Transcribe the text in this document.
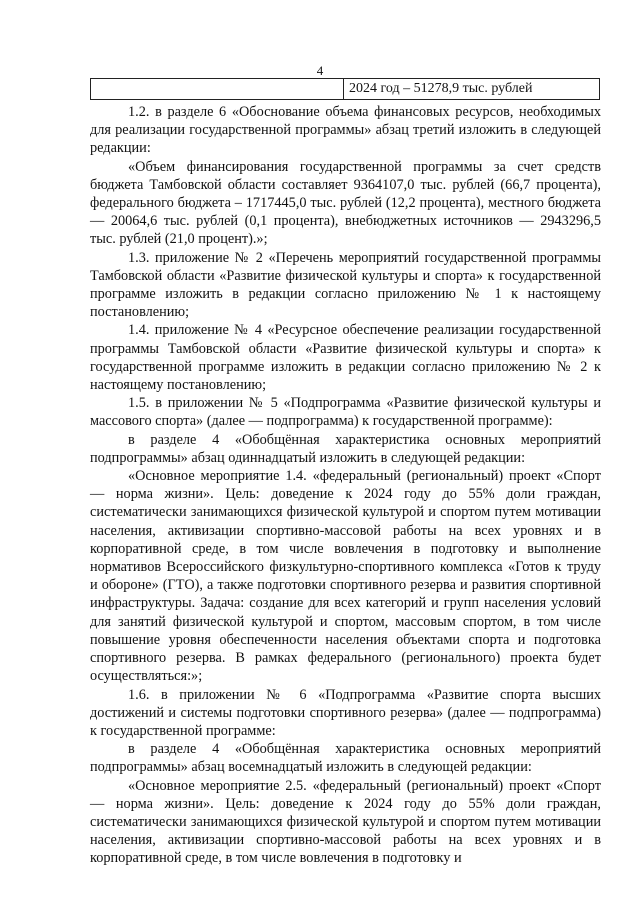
4
2024 год – 51278,9 тыс. рублей

1.2. в разделе 6 «Обоснование объема финансовых ресурсов, необходимых для реализации государственной программы» абзац третий изложить в следующей редакции:

«Объем финансирования государственной программы за счет средств бюджета Тамбовской области составляет 9364107,0 тыс. рублей (66,7 процента), федерального бюджета – 1717445,0 тыс. рублей (12,2 процента), местного бюджета — 20064,6 тыс. рублей (0,1 процента), внебюджетных источников — 2943296,5 тыс. рублей (21,0 процент).»;

1.3. приложение № 2 «Перечень мероприятий государственной программы Тамбовской области «Развитие физической культуры и спорта» к государственной программе изложить в редакции согласно приложению № 1 к настоящему постановлению;

1.4. приложение № 4 «Ресурсное обеспечение реализации государственной программы Тамбовской области «Развитие физической культуры и спорта» к государственной программе изложить в редакции согласно приложению № 2 к настоящему постановлению;

1.5. в приложении № 5 «Подпрограмма «Развитие физической культуры и массового спорта» (далее — подпрограмма) к государственной программе):

в разделе 4 «Обобщённая характеристика основных мероприятий подпрограммы» абзац одиннадцатый изложить в следующей редакции:

«Основное мероприятие 1.4. «федеральный (региональный) проект «Спорт — норма жизни». Цель: доведение к 2024 году до 55% доли граждан, систематически занимающихся физической культурой и спортом путем мотивации населения, активизации спортивно-массовой работы на всех уровнях и в корпоративной среде, в том числе вовлечения в подготовку и выполнение нормативов Всероссийского физкультурно-спортивного комплекса «Готов к труду и обороне» (ГТО), а также подготовки спортивного резерва и развития спортивной инфраструктуры. Задача: создание для всех категорий и групп населения условий для занятий физической культурой и спортом, массовым спортом, в том числе повышение уровня обеспеченности населения объектами спорта и подготовка спортивного резерва. В рамках федерального (регионального) проекта будет осуществляться:»;

1.6. в приложении № 6 «Подпрограмма «Развитие спорта высших достижений и системы подготовки спортивного резерва» (далее — подпрограмма) к государственной программе:

в разделе 4 «Обобщённая характеристика основных мероприятий подпрограммы» абзац восемнадцатый изложить в следующей редакции:

«Основное мероприятие 2.5. «федеральный (региональный) проект «Спорт — норма жизни». Цель: доведение к 2024 году до 55% доли граждан, систематически занимающихся физической культурой и спортом путем мотивации населения, активизации спортивно-массовой работы на всех уровнях и в корпоративной среде, в том числе вовлечения в подготовку и
